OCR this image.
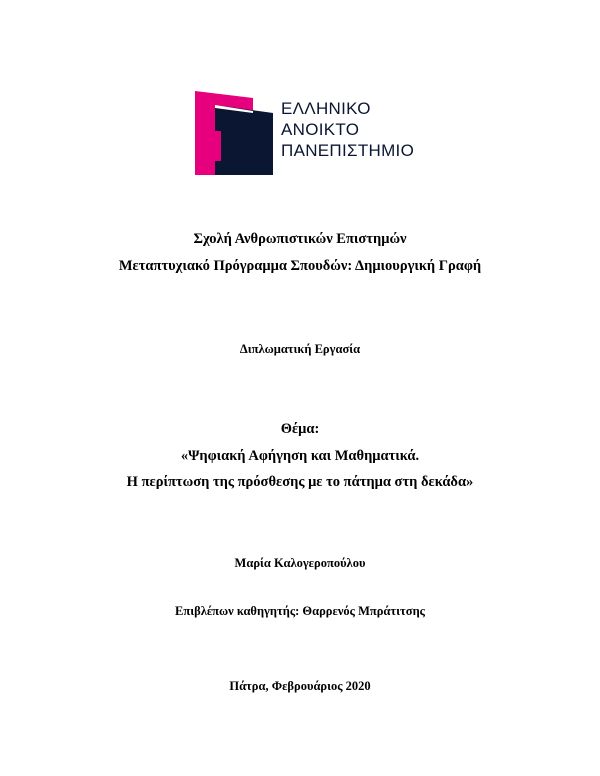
ΕΛΛΗΝΙΚΟ
ΑΝΟΙΚΤΟ
ΠΑΝΕΠΙΣΤΗΜΙΟ
Σχολή Ανθρωπιστικών Επιστημών
Μεταπτυχιακό Πρόγραμμα Σπουδών: Δημιουργική Γραφή
Διπλωματική Εργασία
Θέμα:
«Ψηφιακή Αφήγηση και Μαθηματικά.
Η περίπτωση της πρόσθεσης με το πάτημα στη δεκάδα»
Μαρία Καλογεροπούλου
Επιβλέπων καθηγητής: Θαρρενός Μπράτιτσης
Πάτρα, Φεβρουάριος 2020
